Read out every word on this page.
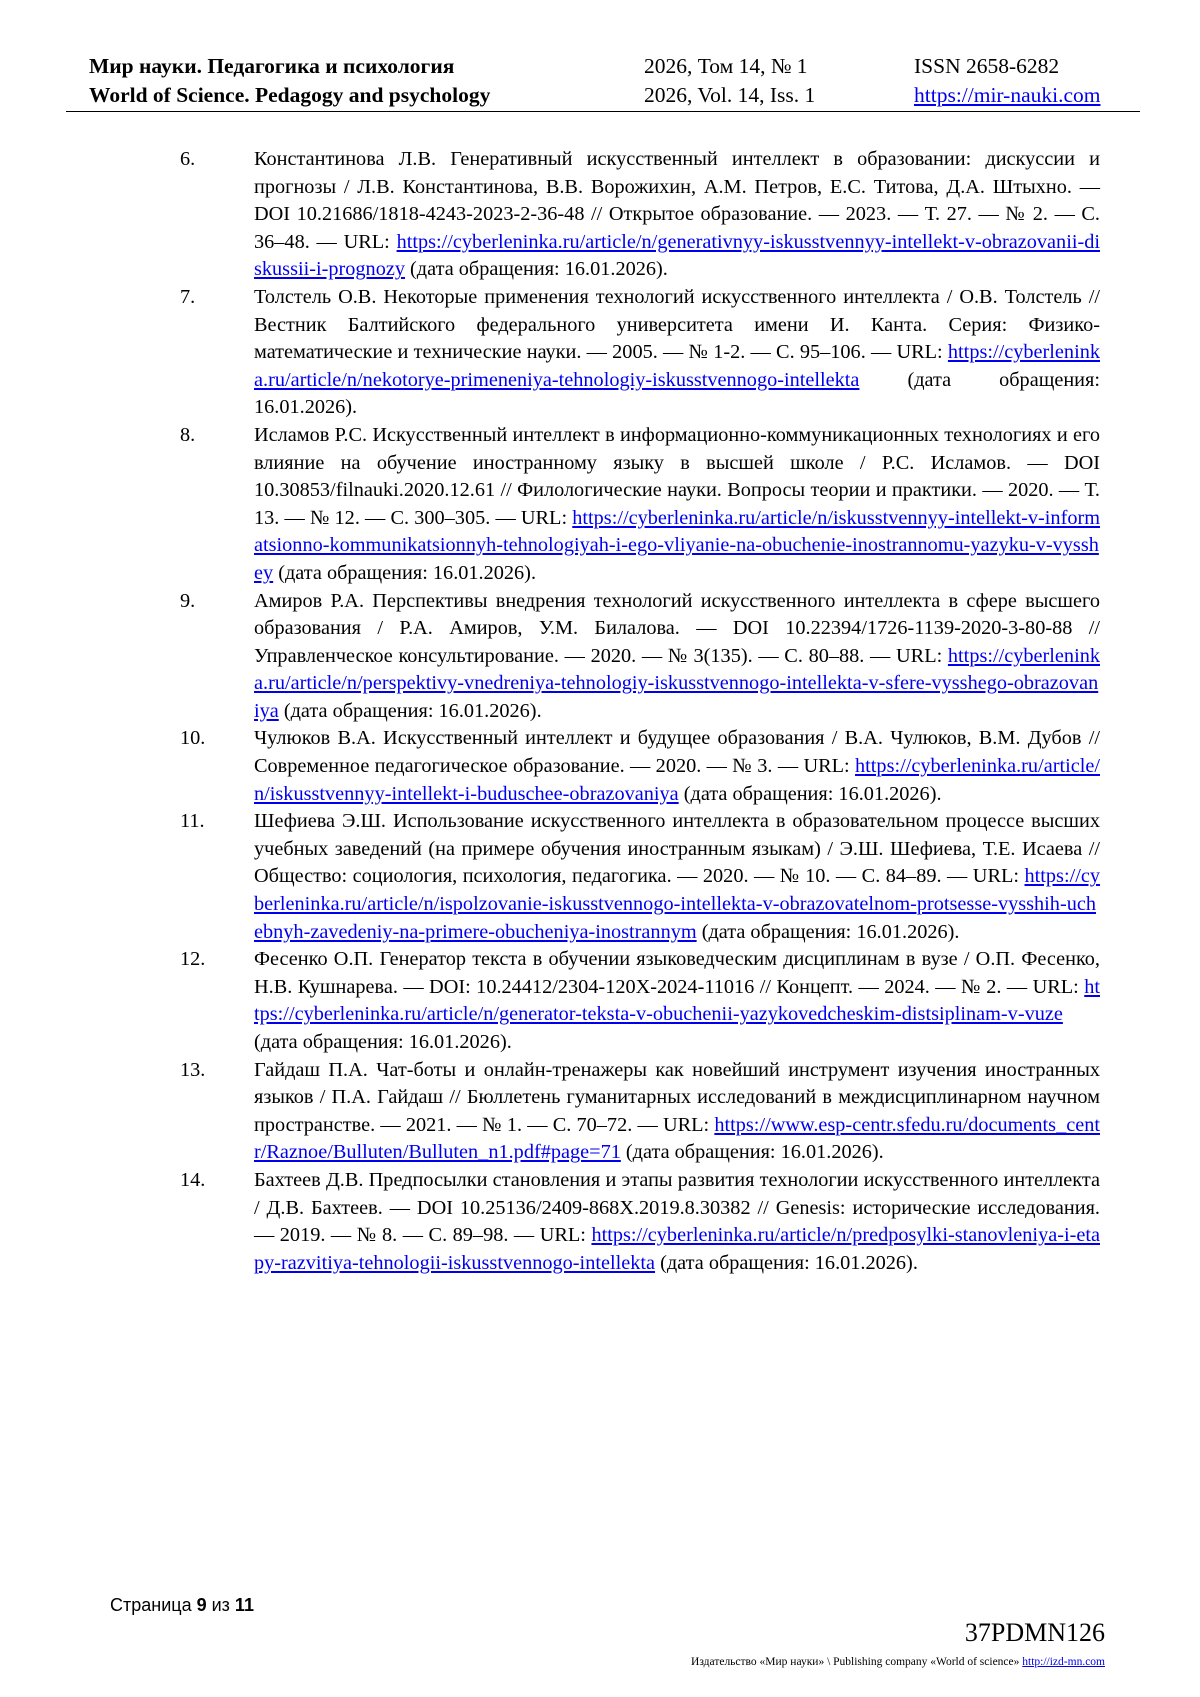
Мир науки. Педагогика и психология	2026, Том 14, № 1	ISSN 2658-6282
World of Science. Pedagogy and psychology	2026, Vol. 14, Iss. 1	https://mir-nauki.com
6.	Константинова Л.В. Генеративный искусственный интеллект в образовании: дискуссии и прогнозы / Л.В. Константинова, В.В. Ворожихин, А.М. Петров, Е.С. Титова, Д.А. Штыхно. — DOI 10.21686/1818-4243-2023-2-36-48 // Открытое образование. — 2023. — Т. 27. — № 2. — С. 36–48. — URL: https://cyberleninka.ru/article/n/generativnyy-iskusstvennyy-intellekt-v-obrazovanii-diskussii-i-prognozy (дата обращения: 16.01.2026).
7.	Толстель О.В. Некоторые применения технологий искусственного интеллекта / О.В. Толстель // Вестник Балтийского федерального университета имени И. Канта. Серия: Физико-математические и технические науки. — 2005. — № 1-2. — С. 95–106. — URL: https://cyberleninka.ru/article/n/nekotorye-primeneniya-tehnologiy-iskusstvennogo-intellekta (дата обращения: 16.01.2026).
8.	Исламов Р.С. Искусственный интеллект в информационно-коммуникационных технологиях и его влияние на обучение иностранному языку в высшей школе / Р.С. Исламов. — DOI 10.30853/filnauki.2020.12.61 // Филологические науки. Вопросы теории и практики. — 2020. — Т. 13. — № 12. — С. 300–305. — URL: https://cyberleninka.ru/article/n/iskusstvennyy-intellekt-v-informatsionno-kommunikatsionnyh-tehnologiyah-i-ego-vliyanie-na-obuchenie-inostrannomu-yazyku-v-vysshey (дата обращения: 16.01.2026).
9.	Амиров Р.А. Перспективы внедрения технологий искусственного интеллекта в сфере высшего образования / Р.А. Амиров, У.М. Билалова. — DOI 10.22394/1726-1139-2020-3-80-88 // Управленческое консультирование. — 2020. — № 3(135). — С. 80–88. — URL: https://cyberleninka.ru/article/n/perspektivy-vnedreniya-tehnologiy-iskusstvennogo-intellekta-v-sfere-vysshego-obrazovaniya (дата обращения: 16.01.2026).
10. Чулюков В.А. Искусственный интеллект и будущее образования / В.А. Чулюков, В.М. Дубов // Современное педагогическое образование. — 2020. — № 3. — URL: https://cyberleninka.ru/article/n/iskusstvennyy-intellekt-i-buduschee-obrazovaniya (дата обращения: 16.01.2026).
11. Шефиева Э.Ш. Использование искусственного интеллекта в образовательном процессе высших учебных заведений (на примере обучения иностранным языкам) / Э.Ш. Шефиева, Т.Е. Исаева // Общество: социология, психология, педагогика. — 2020. — № 10. — С. 84–89. — URL: https://cyberleninka.ru/article/n/ispolzovanie-iskusstvennogo-intellekta-v-obrazovatelnom-protsesse-vysshih-uchebnyh-zavedeniy-na-primere-obucheniya-inostrannym (дата обращения: 16.01.2026).
12. Фесенко О.П. Генератор текста в обучении языковедческим дисциплинам в вузе / О.П. Фесенко, Н.В. Кушнарева. — DOI: 10.24412/2304-120X-2024-11016 // Концепт. — 2024. — № 2. — URL: https://cyberleninka.ru/article/n/generator-teksta-v-obuchenii-yazykovedcheskim-distsiplinam-v-vuze (дата обращения: 16.01.2026).
13. Гайдаш П.А. Чат-боты и онлайн-тренажеры как новейший инструмент изучения иностранных языков / П.А. Гайдаш // Бюллетень гуманитарных исследований в междисциплинарном научном пространстве. — 2021. — № 1. — С. 70–72. — URL: https://www.esp-centr.sfedu.ru/documents_centr/Raznoe/Bulluten/Bulluten_n1.pdf#page=71 (дата обращения: 16.01.2026).
14. Бахтеев Д.В. Предпосылки становления и этапы развития технологии искусственного интеллекта / Д.В. Бахтеев. — DOI 10.25136/2409-868X.2019.8.30382 // Genesis: исторические исследования. — 2019. — № 8. — С. 89–98. — URL: https://cyberleninka.ru/article/n/predposylki-stanovleniya-i-etapy-razvitiya-tehnologii-iskusstvennogo-intellekta (дата обращения: 16.01.2026).
Страница 9 из 11
37PDMN126
Издательство «Мир науки» \ Publishing company «World of science» http://izd-mn.com
